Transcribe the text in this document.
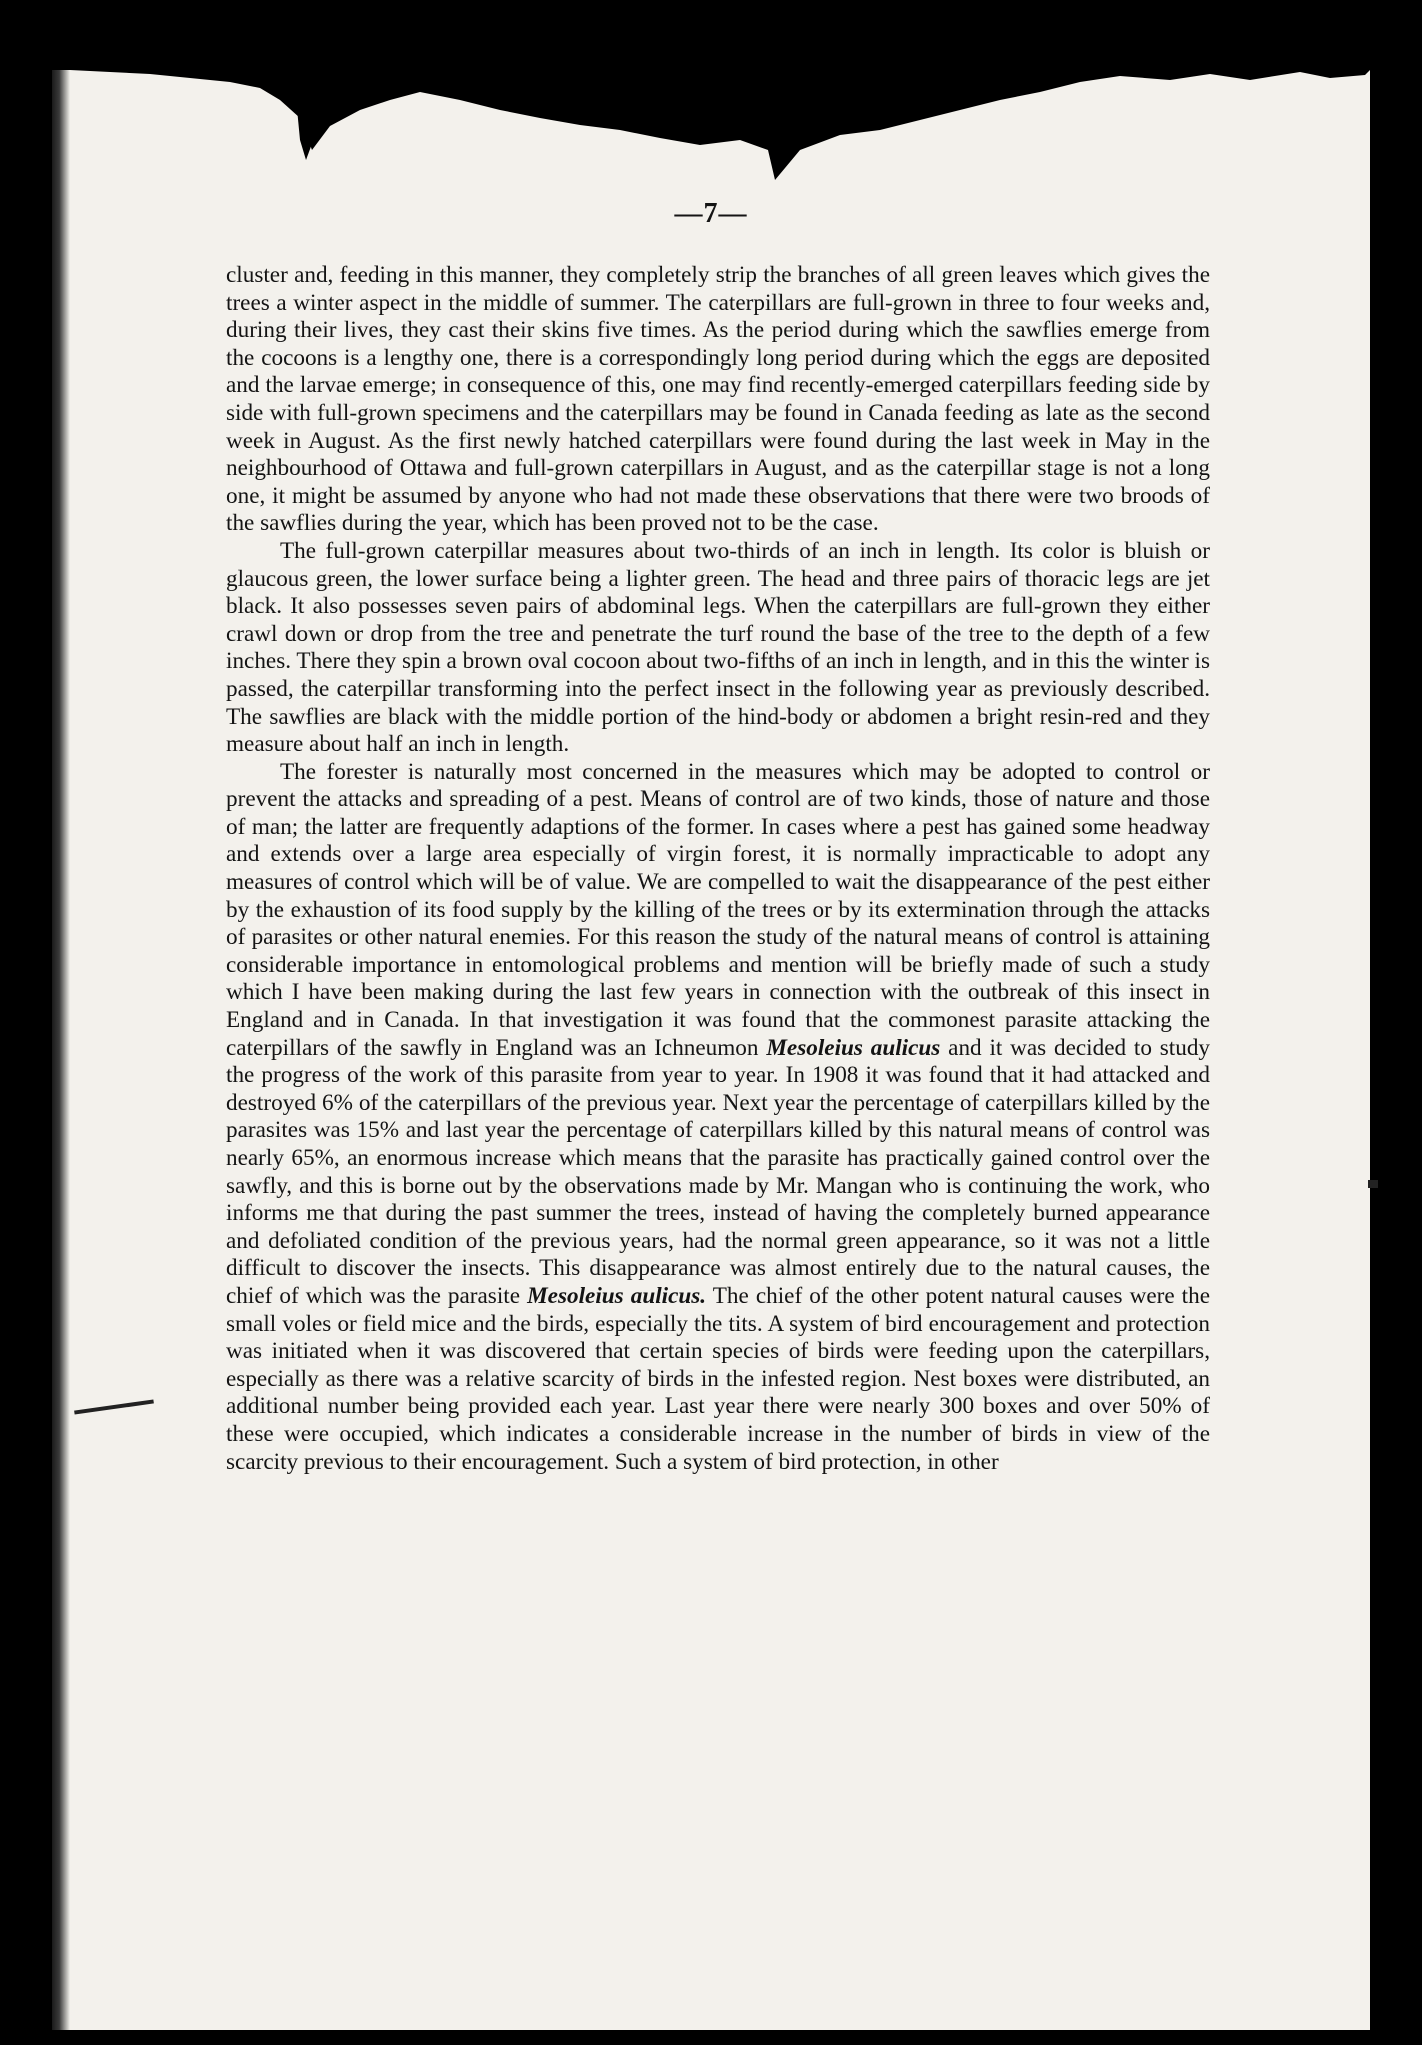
—7—

cluster and, feeding in this manner, they completely strip the branches of all green leaves which gives the trees a winter aspect in the middle of summer. The caterpillars are full-grown in three to four weeks and, during their lives, they cast their skins five times. As the period during which the sawflies emerge from the cocoons is a lengthy one, there is a correspondingly long period during which the eggs are deposited and the larvae emerge; in consequence of this, one may find recently-emerged caterpillars feeding side by side with full-grown specimens and the caterpillars may be found in Canada feeding as late as the second week in August. As the first newly hatched caterpillars were found during the last week in May in the neighbourhood of Ottawa and full-grown caterpillars in August, and as the caterpillar stage is not a long one, it might be assumed by anyone who had not made these observations that there were two broods of the sawflies during the year, which has been proved not to be the case.

The full-grown caterpillar measures about two-thirds of an inch in length. Its color is bluish or glaucous green, the lower surface being a lighter green. The head and three pairs of thoracic legs are jet black. It also possesses seven pairs of abdominal legs. When the caterpillars are full-grown they either crawl down or drop from the tree and penetrate the turf round the base of the tree to the depth of a few inches. There they spin a brown oval cocoon about two-fifths of an inch in length, and in this the winter is passed, the caterpillar transforming into the perfect insect in the following year as previously described. The sawflies are black with the middle portion of the hind-body or abdomen a bright resin-red and they measure about half an inch in length.

The forester is naturally most concerned in the measures which may be adopted to control or prevent the attacks and spreading of a pest. Means of control are of two kinds, those of nature and those of man; the latter are frequently adaptions of the former. In cases where a pest has gained some headway and extends over a large area especially of virgin forest, it is normally impracticable to adopt any measures of control which will be of value. We are compelled to wait the disappearance of the pest either by the exhaustion of its food supply by the killing of the trees or by its extermination through the attacks of parasites or other natural enemies. For this reason the study of the natural means of control is attaining considerable importance in entomological problems and mention will be briefly made of such a study which I have been making during the last few years in connection with the outbreak of this insect in England and in Canada. In that investigation it was found that the commonest parasite attacking the caterpillars of the sawfly in England was an Ichneumon Mesoleius aulicus and it was decided to study the progress of the work of this parasite from year to year. In 1908 it was found that it had attacked and destroyed 6% of the caterpillars of the previous year. Next year the percentage of caterpillars killed by the parasites was 15% and last year the percentage of caterpillars killed by this natural means of control was nearly 65%, an enormous increase which means that the parasite has practically gained control over the sawfly, and this is borne out by the observations made by Mr. Mangan who is continuing the work, who informs me that during the past summer the trees, instead of having the completely burned appearance and defoliated condition of the previous years, had the normal green appearance, so it was not a little difficult to discover the insects. This disappearance was almost entirely due to the natural causes, the chief of which was the parasite Mesoleius aulicus. The chief of the other potent natural causes were the small voles or field mice and the birds, especially the tits. A system of bird encouragement and protection was initiated when it was discovered that certain species of birds were feeding upon the caterpillars, especially as there was a relative scarcity of birds in the infested region. Nest boxes were distributed, an additional number being provided each year. Last year there were nearly 300 boxes and over 50% of these were occupied, which indicates a considerable increase in the number of birds in view of the scarcity previous to their encouragement. Such a system of bird protection, in other
